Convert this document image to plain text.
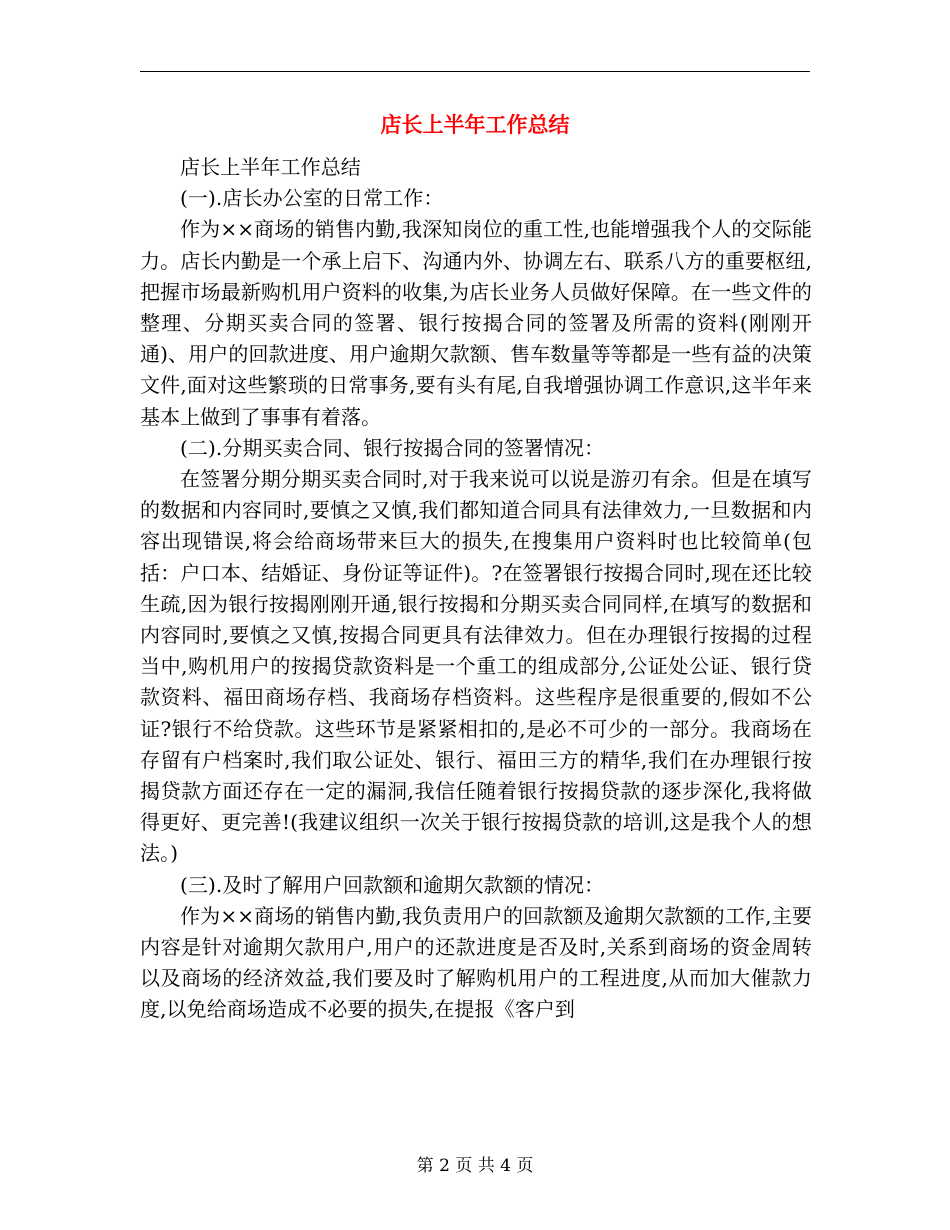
店长上半年工作总结

店长上半年工作总结

(一).店长办公室的日常工作：

作为××商场的销售内勤,我深知岗位的重工性,也能增强我个人的交际能力。店长内勤是一个承上启下、沟通内外、协调左右、联系八方的重要枢纽,把握市场最新购机用户资料的收集,为店长业务人员做好保障。在一些文件的整理、分期买卖合同的签署、银行按揭合同的签署及所需的资料(刚刚开通)、用户的回款进度、用户逾期欠款额、售车数量等等都是一些有益的决策文件,面对这些繁琐的日常事务,要有头有尾,自我增强协调工作意识,这半年来基本上做到了事事有着落。

(二).分期买卖合同、银行按揭合同的签署情况：

在签署分期分期买卖合同时,对于我来说可以说是游刃有余。但是在填写的数据和内容同时,要慎之又慎,我们都知道合同具有法律效力,一旦数据和内容出现错误,将会给商场带来巨大的损失,在搜集用户资料时也比较简单(包括：户口本、结婚证、身份证等证件)。?在签署银行按揭合同时,现在还比较生疏,因为银行按揭刚刚开通,银行按揭和分期买卖合同同样,在填写的数据和内容同时,要慎之又慎,按揭合同更具有法律效力。但在办理银行按揭的过程当中,购机用户的按揭贷款资料是一个重工的组成部分,公证处公证、银行贷款资料、福田商场存档、我商场存档资料。这些程序是很重要的,假如不公证?银行不给贷款。这些环节是紧紧相扣的,是必不可少的一部分。我商场在存留有户档案时,我们取公证处、银行、福田三方的精华,我们在办理银行按揭贷款方面还存在一定的漏洞,我信任随着银行按揭贷款的逐步深化,我将做得更好、更完善!(我建议组织一次关于银行按揭贷款的培训,这是我个人的想法。)

(三).及时了解用户回款额和逾期欠款额的情况：

作为××商场的销售内勤,我负责用户的回款额及逾期欠款额的工作,主要内容是针对逾期欠款用户,用户的还款进度是否及时,关系到商场的资金周转以及商场的经济效益,我们要及时了解购机用户的工程进度,从而加大催款力度,以免给商场造成不必要的损失,在提报《客户到

第 2 页 共 4 页
